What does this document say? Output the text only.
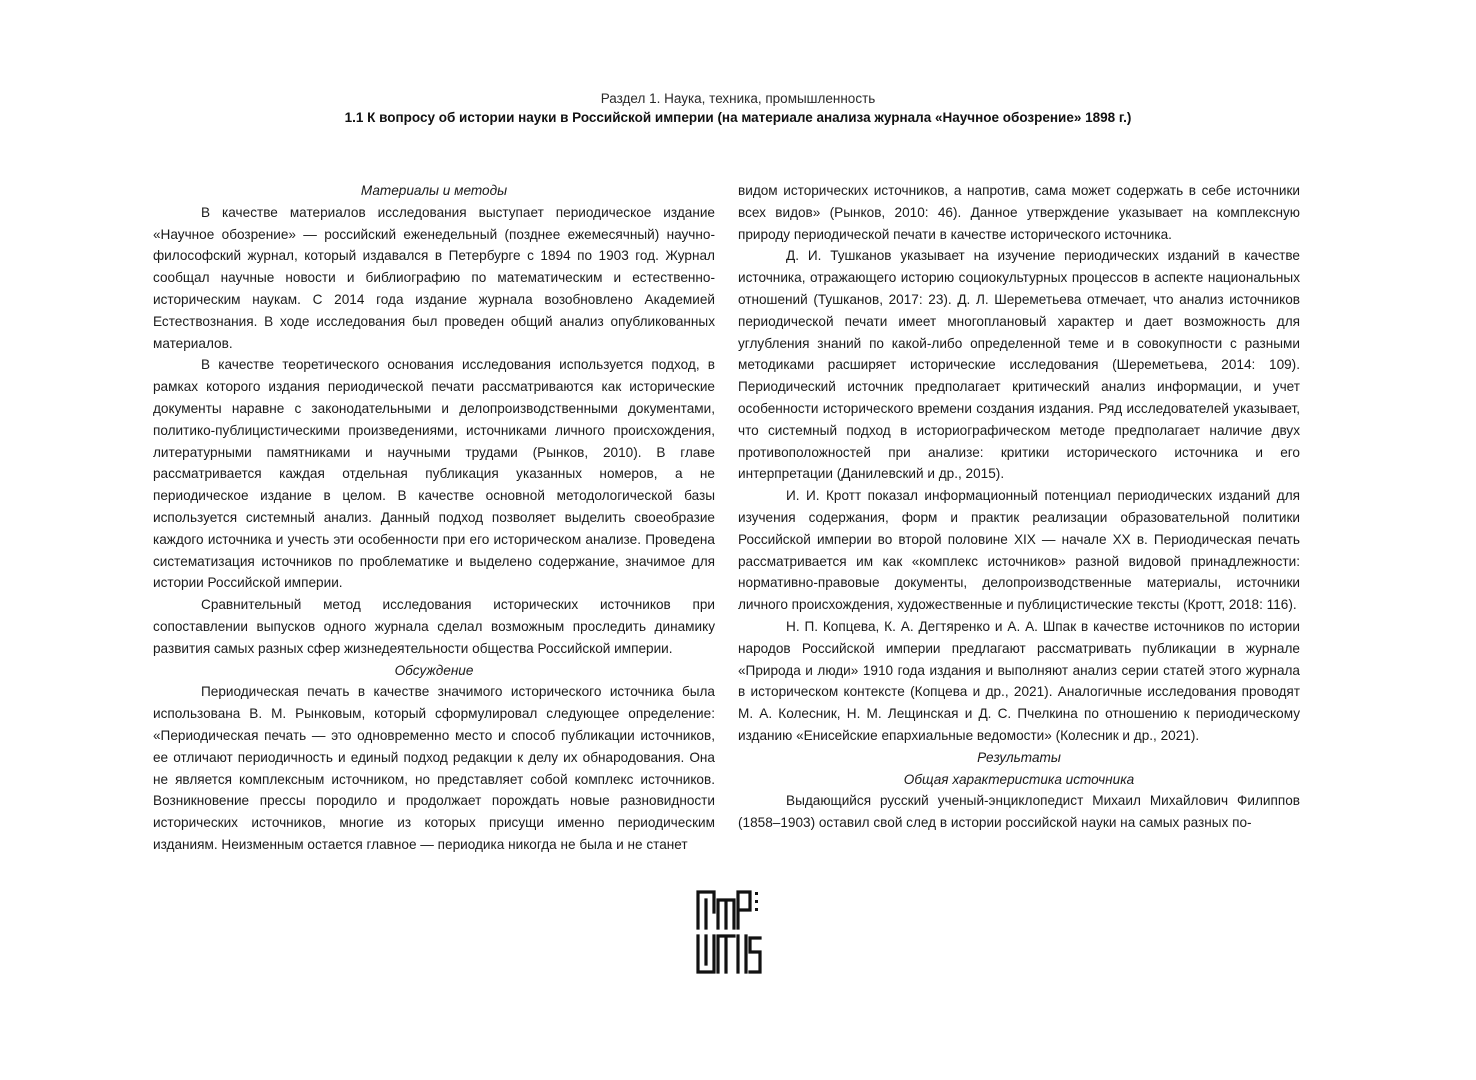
Раздел 1. Наука, техника, промышленность
1.1 К вопросу об истории науки в Российской империи (на материале анализа журнала «Научное обозрение» 1898 г.)
Материалы и методы

В качестве материалов исследования выступает периодическое издание «Научное обозрение» — российский еженедельный (позднее ежемесячный) научно-философский журнал, который издавался в Петербурге с 1894 по 1903 год. Журнал сообщал научные новости и библиографию по математическим и естественно-историческим наукам. С 2014 года издание журнала возобновлено Академией Естествознания. В ходе исследования был проведен общий анализ опубликованных материалов.

В качестве теоретического основания исследования используется подход, в рамках которого издания периодической печати рассматриваются как исторические документы наравне с законодательными и делопроизводственными документами, политико-публицистическими произведениями, источниками личного происхождения, литературными памятниками и научными трудами (Рынков, 2010). В главе рассматривается каждая отдельная публикация указанных номеров, а не периодическое издание в целом. В качестве основной методологической базы используется системный анализ. Данный подход позволяет выделить своеобразие каждого источника и учесть эти особенности при его историческом анализе. Проведена систематизация источников по проблематике и выделено содержание, значимое для истории Российской империи.

Сравнительный метод исследования исторических источников при сопоставлении выпусков одного журнала сделал возможным проследить динамику развития самых разных сфер жизнедеятельности общества Российской империи.

Обсуждение

Периодическая печать в качестве значимого исторического источника была использована В. М. Рынковым, который сформулировал следующее определение: «Периодическая печать — это одновременно место и способ публикации источников, ее отличают периодичность и единый подход редакции к делу их обнародования. Она не является комплексным источником, но представляет собой комплекс источников. Возникновение прессы породило и продолжает порождать новые разновидности исторических источников, многие из которых присущи именно периодическим изданиям. Неизменным остается главное — периодика никогда не была и не станет

видом исторических источников, а напротив, сама может содержать в себе источники всех видов» (Рынков, 2010: 46). Данное утверждение указывает на комплексную природу периодической печати в качестве исторического источника.

Д. И. Тушканов указывает на изучение периодических изданий в качестве источника, отражающего историю социокультурных процессов в аспекте национальных отношений (Тушканов, 2017: 23). Д. Л. Шереметьева отмечает, что анализ источников периодической печати имеет многоплановый характер и дает возможность для углубления знаний по какой-либо определенной теме и в совокупности с разными методиками расширяет исторические исследования (Шереметьева, 2014: 109). Периодический источник предполагает критический анализ информации, и учет особенности исторического времени создания издания. Ряд исследователей указывает, что системный подход в историографическом методе предполагает наличие двух противоположностей при анализе: критики исторического источника и его интерпретации (Данилевский и др., 2015).

И. И. Кротт показал информационный потенциал периодических изданий для изучения содержания, форм и практик реализации образовательной политики Российской империи во второй половине XIX — начале XX в. Периодическая печать рассматривается им как «комплекс источников» разной видовой принадлежности: нормативно-правовые документы, делопроизводственные материалы, источники личного происхождения, художественные и публицистические тексты (Кротт, 2018: 116).

Н. П. Копцева, К. А. Дегтяренко и А. А. Шпак в качестве источников по истории народов Российской империи предлагают рассматривать публикации в журнале «Природа и люди» 1910 года издания и выполняют анализ серии статей этого журнала в историческом контексте (Копцева и др., 2021). Аналогичные исследования проводят М. А. Колесник, Н. М. Лещинская и Д. С. Пчелкина по отношению к периодическому изданию «Енисейские епархиальные ведомости» (Колесник и др., 2021).

Результаты
Общая характеристика источника

Выдающийся русский ученый-энциклопедист Михаил Михайлович Филиппов (1858–1903) оставил свой след в истории российской науки на самых разных по-
